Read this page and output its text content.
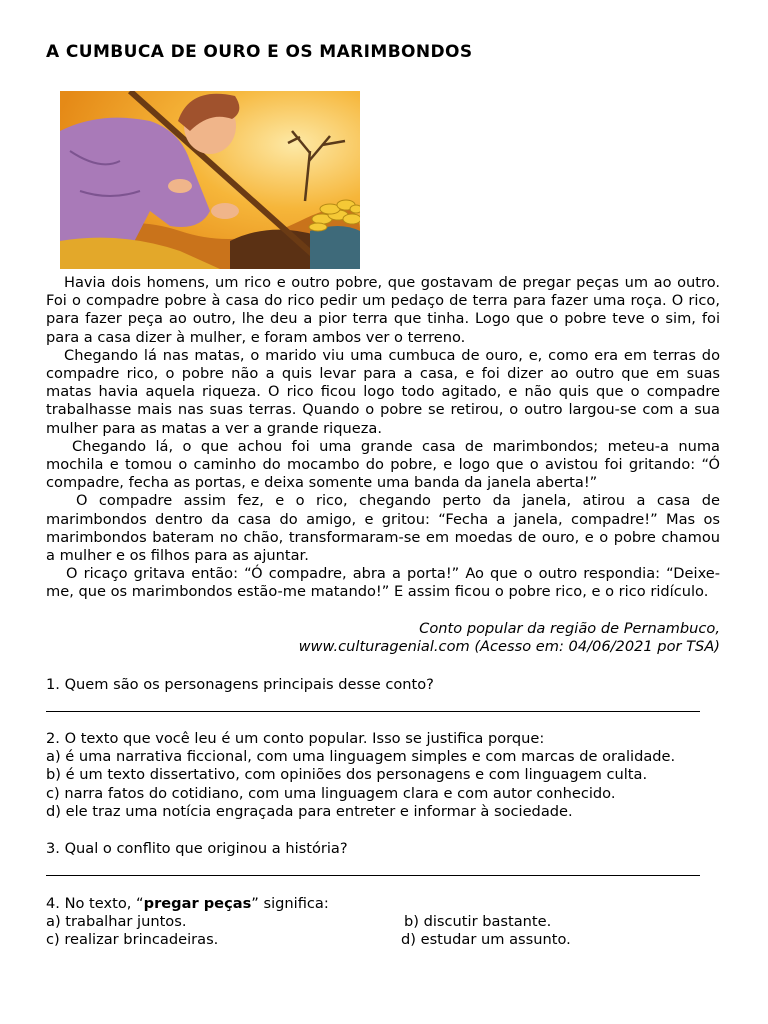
A CUMBUCA DE OURO E OS MARIMBONDOS

Havia dois homens, um rico e outro pobre, que gostavam de pregar peças um ao outro. Foi o compadre pobre à casa do rico pedir um pedaço de terra para fazer uma roça. O rico, para fazer peça ao outro, lhe deu a pior terra que tinha. Logo que o pobre teve o sim, foi para a casa dizer à mulher, e foram ambos ver o terreno.

Chegando lá nas matas, o marido viu uma cumbuca de ouro, e, como era em terras do compadre rico, o pobre não a quis levar para a casa, e foi dizer ao outro que em suas matas havia aquela riqueza. O rico ficou logo todo agitado, e não quis que o compadre trabalhasse mais nas suas terras. Quando o pobre se retirou, o outro largou-se com a sua mulher para as matas a ver a grande riqueza.

Chegando lá, o que achou foi uma grande casa de marimbondos; meteu-a numa mochila e tomou o caminho do mocambo do pobre, e logo que o avistou foi gritando: “Ó compadre, fecha as portas, e deixa somente uma banda da janela aberta!”

O compadre assim fez, e o rico, chegando perto da janela, atirou a casa de marimbondos dentro da casa do amigo, e gritou: “Fecha a janela, compadre!” Mas os marimbondos bateram no chão, transformaram-se em moedas de ouro, e o pobre chamou a mulher e os filhos para as ajuntar.

O ricaço gritava então: “Ó compadre, abra a porta!” Ao que o outro respondia: “Deixe-me, que os marimbondos estão-me matando!” E assim ficou o pobre rico, e o rico ridículo.

Conto popular da região de Pernambuco,
www.culturagenial.com (Acesso em: 04/06/2021 por TSA)
1. Quem são os personagens principais desse conto?
2. O texto que você leu é um conto popular. Isso se justifica porque:
a) é uma narrativa ficcional, com uma linguagem simples e com marcas de oralidade.
b) é um texto dissertativo, com opiniões dos personagens e com linguagem culta.
c) narra fatos do cotidiano, com uma linguagem clara e com autor conhecido.
d) ele traz uma notícia engraçada para entreter e informar à sociedade.
3. Qual o conflito que originou a história?
4. No texto, “pregar peças” significa:
a) trabalhar juntos.	b) discutir bastante.
c) realizar brincadeiras.	d) estudar um assunto.
